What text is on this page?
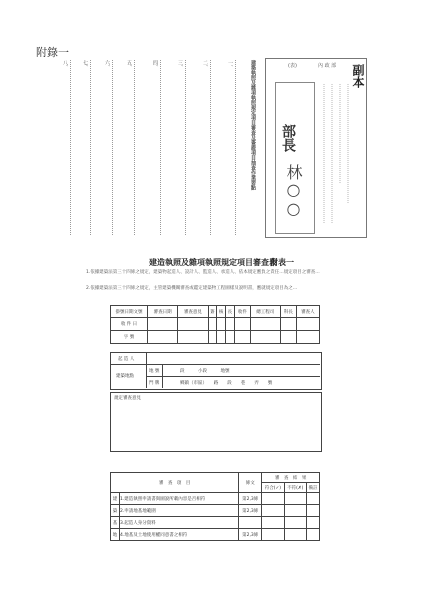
附錄一
八、	七、	六、	五、	四、	三、	二、	一、	建築執照及雜項執照規定項目審查及簽證項目抽查作業要點	(表)	內 政 部
部長
林○○
副本
建造執照及雜項執照規定項目審查表
附表一
1.依據建築法第三十四條之規定，建築物起造人、設計人、監造人、承造人、依本規定應負之責任…規定項目之審查…
2.依據建築法第三十四條之規定，主管建築機關審查或鑑定建築物工程圖樣及說明書，應就規定項目為之…
掛號日期文號	審查日期	審查意見	簽	核	長	收件	總工程司	科長	審查人
收 件 日									
字 號									
起 造 人
建築地點
地 號	段　　　小段　　　地號
門 牌	鄉鎮（市區）　　路　　段　　巷　　弄　　號
規定審查意見
審　查　項　目		條文	審　查　結　果		
			符合(✓)	不符(✗)	備註
建	1.建造執照申請書與圖說所載內容是否相符	第2,3條			
築	2.申請地基地範圍	第2,3條			
基	3.起造人身分資料				
地	4.地基及土地使用權同意書之相符	第2,3條			
